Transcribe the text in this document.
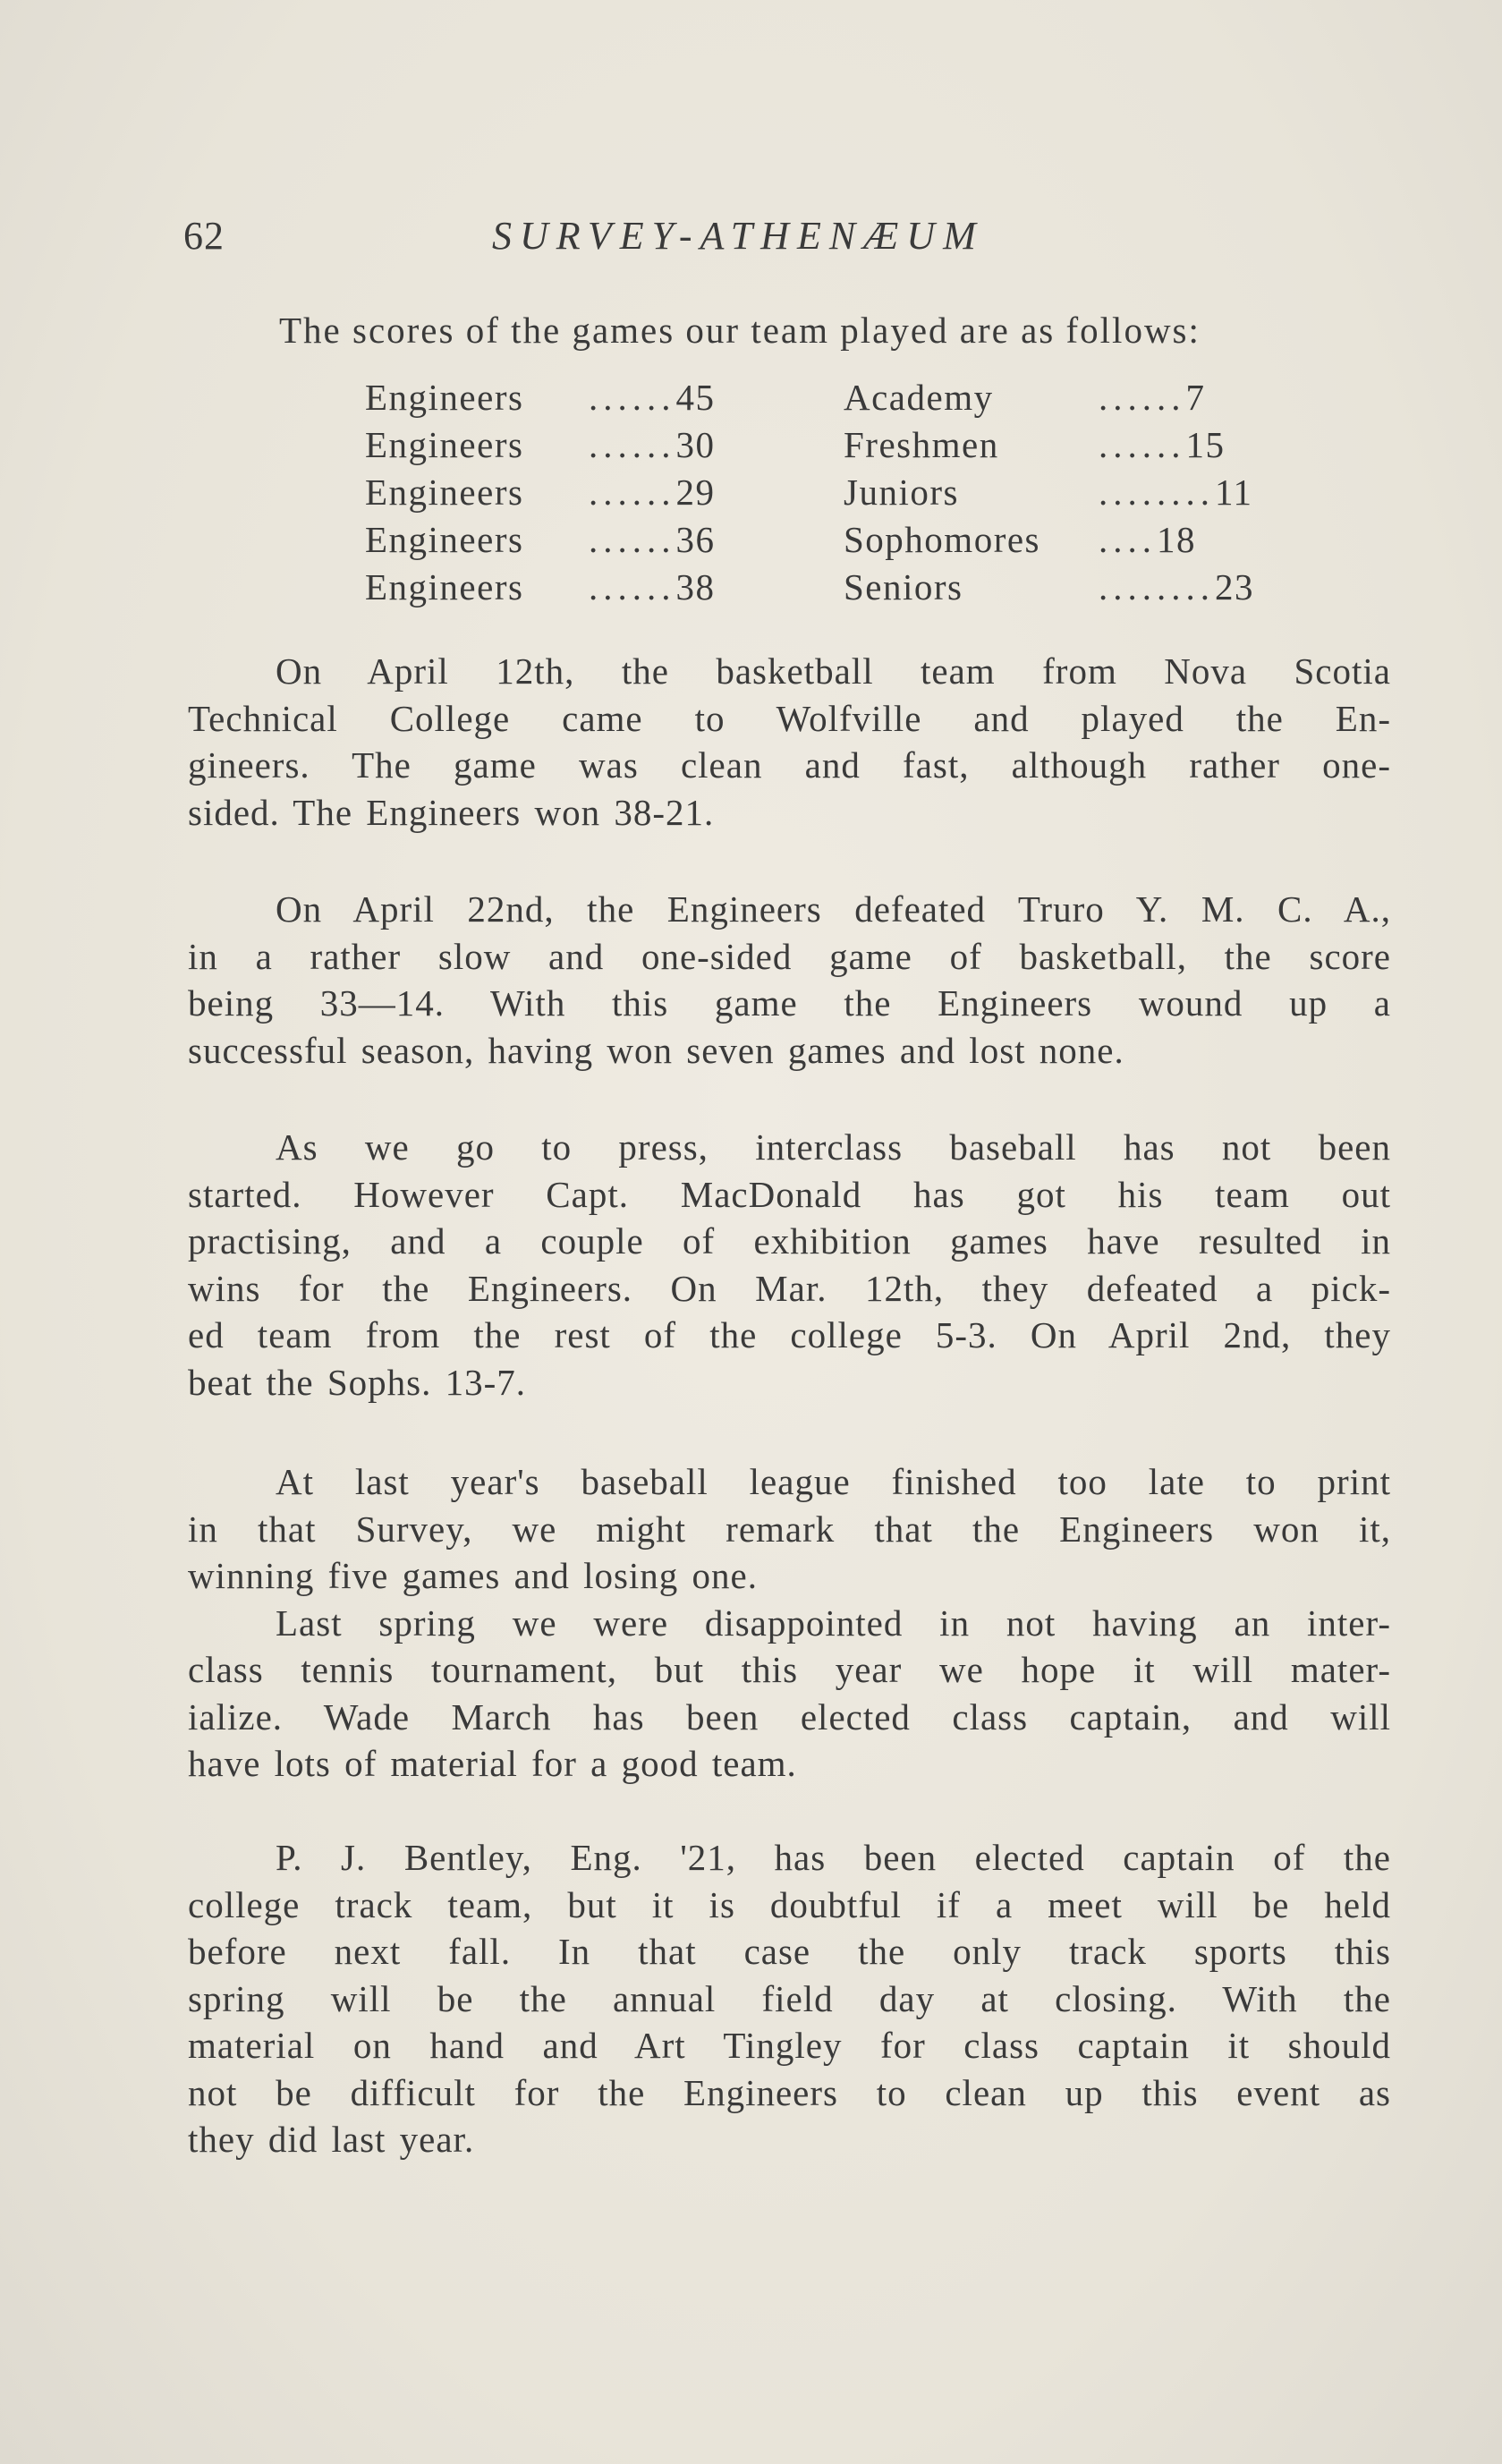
62	SURVEY-ATHENÆUM
The scores of the games our team played are as follows:
Engineers ......45	Academy	......7
Engineers ......30	Freshmen	......15
Engineers ......29	Juniors	........11
Engineers ......36	Sophomores ....18
Engineers ......38	Seniors	........23
On April 12th, the basketball team from Nova Scotia
Technical College came to Wolfville and played the En-
gineers. The game was clean and fast, although rather one-
sided. The Engineers won 38-21.
On April 22nd, the Engineers defeated Truro Y. M. C. A.,
in a rather slow and one-sided game of basketball, the score
being 33—14. With this game the Engineers wound up a
successful season, having won seven games and lost none.
As we go to press, interclass baseball has not been
started. However Capt. MacDonald has got his team out
practising, and a couple of exhibition games have resulted in
wins for the Engineers. On Mar. 12th, they defeated a pick-
ed team from the rest of the college 5-3. On April 2nd, they
beat the Sophs. 13-7.
At last year's baseball league finished too late to print
in that Survey, we might remark that the Engineers won it,
winning five games and losing one.
Last spring we were disappointed in not having an inter-
class tennis tournament, but this year we hope it will mater-
ialize. Wade March has been elected class captain, and will
have lots of material for a good team.
P. J. Bentley, Eng. '21, has been elected captain of the
college track team, but it is doubtful if a meet will be held
before next fall. In that case the only track sports this
spring will be the annual field day at closing. With the
material on hand and Art Tingley for class captain it should
not be difficult for the Engineers to clean up this event as
they did last year.
